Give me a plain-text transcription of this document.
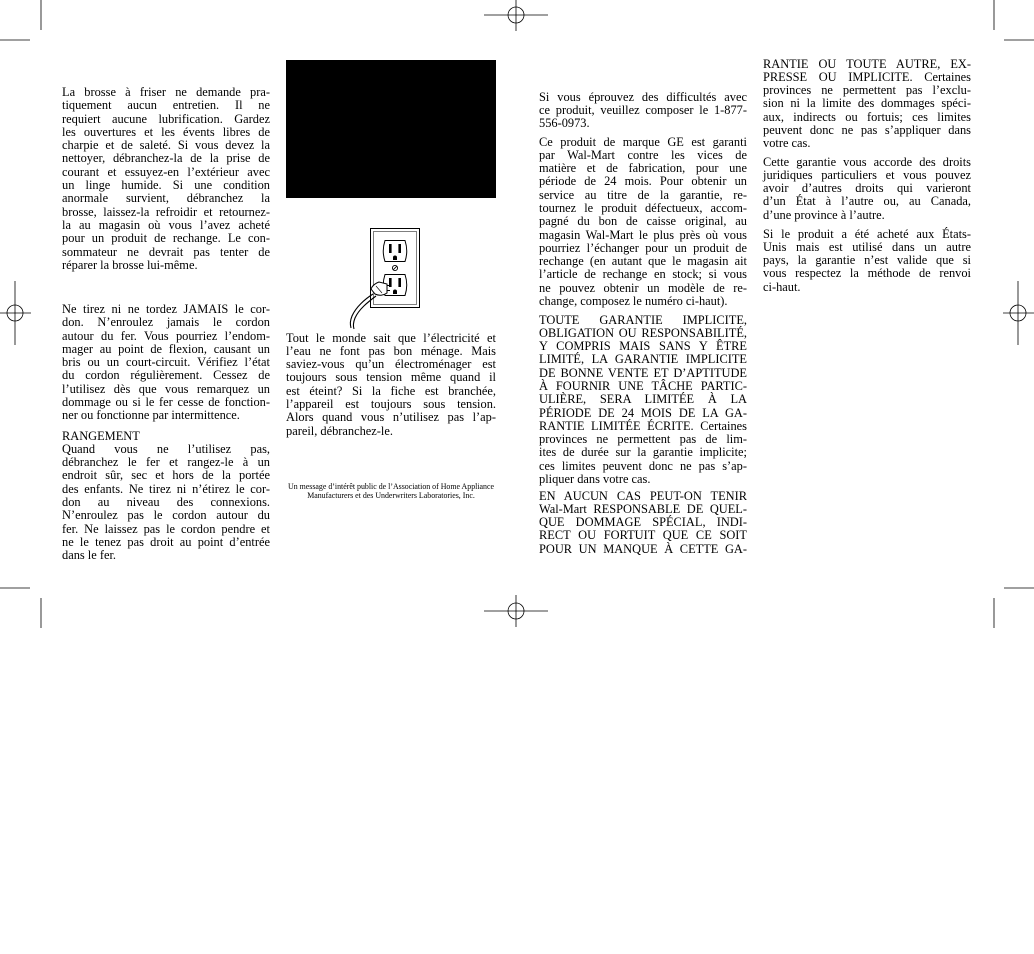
La brosse à friser ne demande pra-
tiquement aucun entretien. Il ne
requiert aucune lubrification. Gardez
les ouvertures et les évents libres de
charpie et de saleté. Si vous devez la
nettoyer, débranchez-la de la prise de
courant et essuyez-en l’extérieur avec
un linge humide. Si une condition
anormale survient, débranchez la
brosse, laissez-la refroidir et retournez-
la au magasin où vous l’avez acheté
pour un produit de rechange. Le con-
sommateur ne devrait pas tenter de
réparer la brosse lui-même.
Ne tirez ni ne tordez JAMAIS le cor-
don. N’enroulez jamais le cordon
autour du fer. Vous pourriez l’endom-
mager au point de flexion, causant un
bris ou un court-circuit. Vérifiez l’état
du cordon régulièrement. Cessez de
l’utilisez dès que vous remarquez un
dommage ou si le fer cesse de fonction-
ner ou fonctionne par intermittence.
RANGEMENT
Quand vous ne l’utilisez pas,
débranchez le fer et rangez-le à un
endroit sûr, sec et hors de la portée
des enfants. Ne tirez ni n’étirez le cor-
don au niveau des connexions.
N’enroulez pas le cordon autour du
fer. Ne laissez pas le cordon pendre et
ne le tenez pas droit au point d’entrée
dans le fer.
Tout le monde sait que l’électricité et
l’eau ne font pas bon ménage. Mais
saviez-vous qu’un électroménager est
toujours sous tension même quand il
est éteint? Si la fiche est branchée,
l’appareil est toujours sous tension.
Alors quand vous n’utilisez pas l’ap-
pareil, débranchez-le.
Un message d’intérêt public de l’Association of Home Appliance
Manufacturers et des Underwriters Laboratories, Inc.
Si vous éprouvez des difficultés avec
ce produit, veuillez composer le 1-877-
556-0973.
Ce produit de marque GE est garanti
par Wal-Mart contre les vices de
matière et de fabrication, pour une
période de 24 mois. Pour obtenir un
service au titre de la garantie, re-
tournez le produit défectueux, accom-
pagné du bon de caisse original, au
magasin Wal-Mart le plus près où vous
pourriez l’échanger pour un produit de
rechange (en autant que le magasin ait
l’article de rechange en stock; si vous
ne pouvez obtenir un modèle de re-
change, composez le numéro ci-haut).
TOUTE GARANTIE IMPLICITE,
OBLIGATION OU RESPONSABILITÉ,
Y COMPRIS MAIS SANS Y ÊTRE
LIMITÉ, LA GARANTIE IMPLICITE
DE BONNE VENTE ET D’APTITUDE
À FOURNIR UNE TÂCHE PARTIC-
ULIÈRE, SERA LIMITÉE À LA
PÉRIODE DE 24 MOIS DE LA GA-
RANTIE LIMITÉE ÉCRITE. Certaines
provinces ne permettent pas de lim-
ites de durée sur la garantie implicite;
ces limites peuvent donc ne pas s’ap-
pliquer dans votre cas.
EN AUCUN CAS PEUT-ON TENIR
Wal-Mart RESPONSABLE DE QUEL-
QUE DOMMAGE SPÉCIAL, INDI-
RECT OU FORTUIT QUE CE SOIT
POUR UN MANQUE À CETTE GA-
RANTIE OU TOUTE AUTRE, EX-
PRESSE OU IMPLICITE. Certaines
provinces ne permettent pas l’exclu-
sion ni la limite des dommages spéci-
aux, indirects ou fortuis; ces limites
peuvent donc ne pas s’appliquer dans
votre cas.
Cette garantie vous accorde des droits
juridiques particuliers et vous pouvez
avoir d’autres droits qui varieront
d’un État à l’autre ou, au Canada,
d’une province à l’autre.
Si le produit a été acheté aux États-
Unis mais est utilisé dans un autre
pays, la garantie n’est valide que si
vous respectez la méthode de renvoi
ci-haut.
